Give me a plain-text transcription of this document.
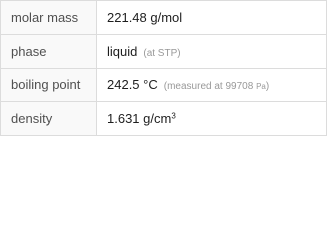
molar mass	221.48 g/mol
phase	liquid (at STP)
boiling point	242.5 °C (measured at 99708 Pa)
density	1.631 $g/cm^3$
